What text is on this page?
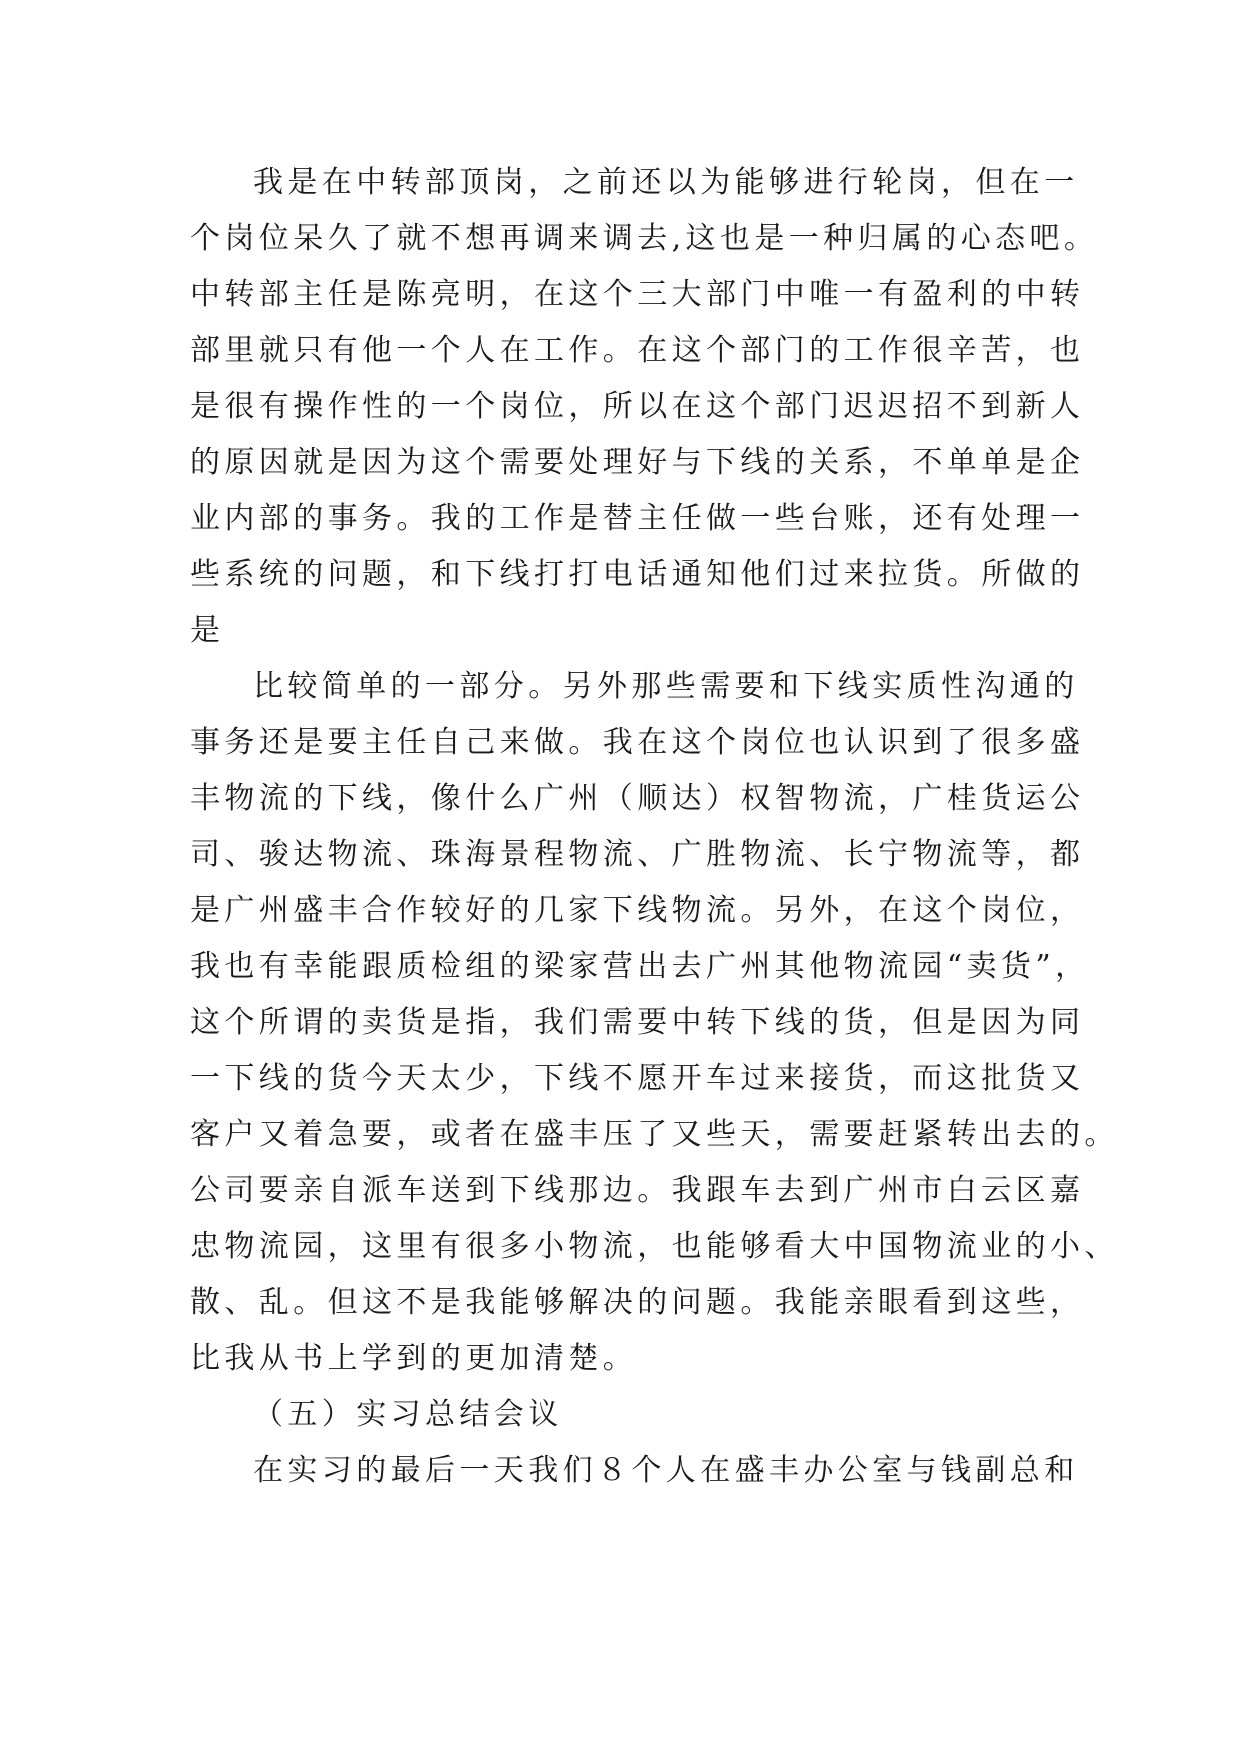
我是在中转部顶岗，之前还以为能够进行轮岗，但在一
个岗位呆久了就不想再调来调去,这也是一种归属的心态吧。
中转部主任是陈亮明，在这个三大部门中唯一有盈利的中转
部里就只有他一个人在工作。在这个部门的工作很辛苦，也
是很有操作性的一个岗位，所以在这个部门迟迟招不到新人
的原因就是因为这个需要处理好与下线的关系，不单单是企
业内部的事务。我的工作是替主任做一些台账，还有处理一
些系统的问题，和下线打打电话通知他们过来拉货。所做的
是
比较简单的一部分。另外那些需要和下线实质性沟通的
事务还是要主任自己来做。我在这个岗位也认识到了很多盛
丰物流的下线，像什么广州（顺达）权智物流，广桂货运公
司、骏达物流、珠海景程物流、广胜物流、长宁物流等，都
是广州盛丰合作较好的几家下线物流。另外，在这个岗位，
我也有幸能跟质检组的梁家营出去广州其他物流园“卖货”，
这个所谓的卖货是指，我们需要中转下线的货，但是因为同
一下线的货今天太少，下线不愿开车过来接货，而这批货又
客户又着急要，或者在盛丰压了又些天，需要赶紧转出去的。
公司要亲自派车送到下线那边。我跟车去到广州市白云区嘉
忠物流园，这里有很多小物流，也能够看大中国物流业的小、
散、乱。但这不是我能够解决的问题。我能亲眼看到这些，
比我从书上学到的更加清楚。
（五）实习总结会议
在实习的最后一天我们８个人在盛丰办公室与钱副总和
